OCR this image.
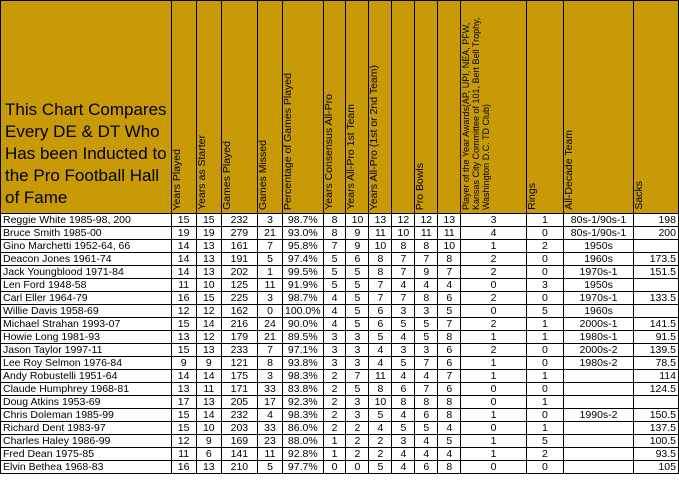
This Chart Compares Every DE & DT Who Has been Inducted to the Pro Football Hall of Fame	Years Played	Years as Starter	Games Played	Games Missed	Percentage of Games Played	Years Consensus All-Pro	Years All-Pro 1st Team	Years All-Pro (1st or 2nd Team)		Pro Bowls		Player of the Year Awards(AP, UPI, NEA, PFW, Kansas City Committee of 101, Bert Bell Trophy, Washington D.C. TD Club)	Rings	All-Decade Team	Sacks
Reggie White 1985-98, 200	15	15	232	3	98.7%	8	10	13	12	12	13	3	1	80s-1/90s-1	198
Bruce Smith 1985-00	19	19	279	21	93.0%	8	9	11	10	11	11	4	0	80s-1/90s-1	200
Gino Marchetti 1952-64, 66	14	13	161	7	95.8%	7	9	10	8	8	10	1	2	1950s	
Deacon Jones 1961-74	14	13	191	5	97.4%	5	6	8	7	7	8	2	0	1960s	173.5
Jack Youngblood 1971-84	14	13	202	1	99.5%	5	5	8	7	9	7	2	0	1970s-1	151.5
Len Ford 1948-58	11	10	125	11	91.9%	5	5	7	4	4	4	0	3	1950s	
Carl Eller 1964-79	16	15	225	3	98.7%	4	5	7	7	8	6	2	0	1970s-1	133.5
Willie Davis 1958-69	12	12	162	0	100.0%	4	5	6	3	3	5	0	5	1960s	
Michael Strahan 1993-07	15	14	216	24	90.0%	4	5	6	5	5	7	2	1	2000s-1	141.5
Howie Long 1981-93	13	12	179	21	89.5%	3	3	5	4	5	8	1	1	1980s-1	91.5
Jason Taylor 1997-11	15	13	233	7	97.1%	3	3	4	3	3	6	2	0	2000s-2	139.5
Lee Roy Selmon 1976-84	9	9	121	8	93.8%	3	3	4	5	7	6	1	0	1980s-2	78.5
Andy Robustelli 1951-64	14	14	175	3	98.3%	2	7	11	4	4	7	1	1		114
Claude Humphrey 1968-81	13	11	171	33	83.8%	2	5	8	6	7	6	0	0		124.5
Doug Atkins 1953-69	17	13	205	17	92.3%	2	3	10	8	8	8	0	1		
Chris Doleman 1985-99	15	14	232	4	98.3%	2	3	5	4	6	8	1	0	1990s-2	150.5
Richard Dent 1983-97	15	10	203	33	86.0%	2	2	4	5	5	4	0	1		137.5
Charles Haley 1986-99	12	9	169	23	88.0%	1	2	2	3	4	5	1	5		100.5
Fred Dean 1975-85	11	6	141	11	92.8%	1	2	2	4	4	4	1	2		93.5
Elvin Bethea 1968-83	16	13	210	5	97.7%	0	0	5	4	6	8	0	0		105
